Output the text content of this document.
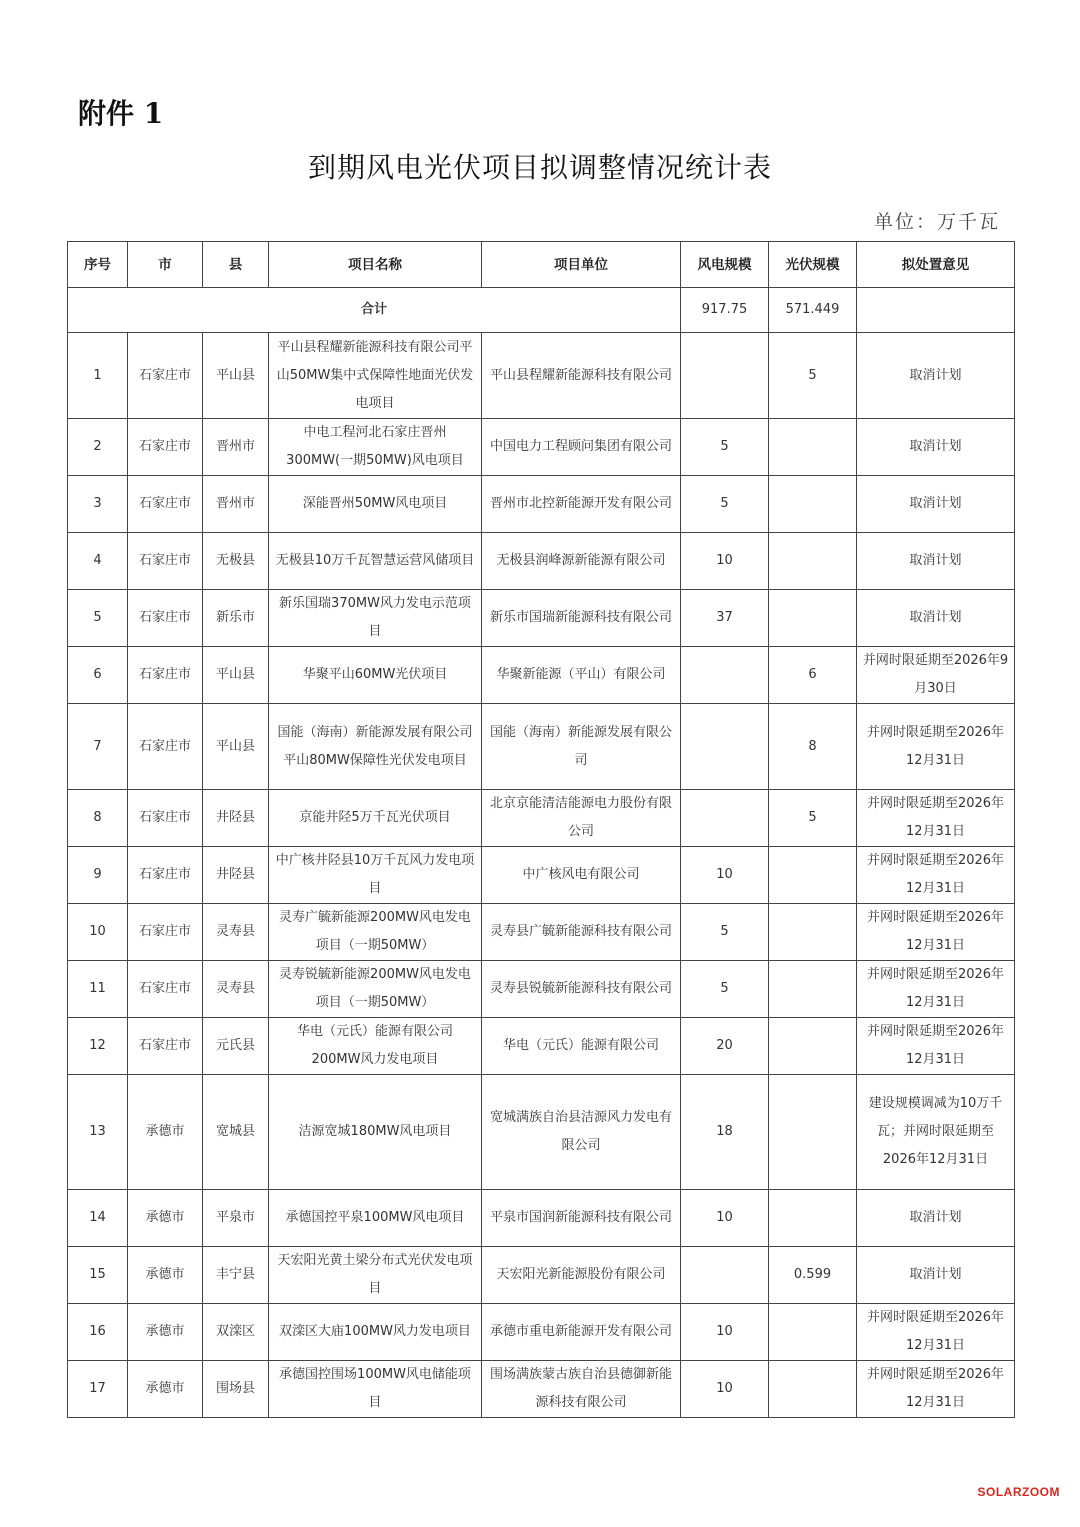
附件 1
到期风电光伏项目拟调整情况统计表
单位：万千瓦
序号	市	县	项目名称	项目单位	风电规模	光伏规模	拟处置意见
合计					917.75	571.449	
1	石家庄市	平山县	平山县程耀新能源科技有限公司平山50MW集中式保障性地面光伏发电项目	平山县程耀新能源科技有限公司		5	取消计划
2	石家庄市	晋州市	中电工程河北石家庄晋州300MW(一期50MW)风电项目	中国电力工程顾问集团有限公司	5		取消计划
3	石家庄市	晋州市	深能晋州50MW风电项目	晋州市北控新能源开发有限公司	5		取消计划
4	石家庄市	无极县	无极县10万千瓦智慧运营风储项目	无极县润峰源新能源有限公司	10		取消计划
5	石家庄市	新乐市	新乐国瑞370MW风力发电示范项目	新乐市国瑞新能源科技有限公司	37		取消计划
6	石家庄市	平山县	华聚平山60MW光伏项目	华聚新能源（平山）有限公司		6	并网时限延期至2026年9月30日
7	石家庄市	平山县	国能（海南）新能源发展有限公司平山80MW保障性光伏发电项目	国能（海南）新能源发展有限公司		8	并网时限延期至2026年12月31日
8	石家庄市	井陉县	京能井陉5万千瓦光伏项目	北京京能清洁能源电力股份有限公司		5	并网时限延期至2026年12月31日
9	石家庄市	井陉县	中广核井陉县10万千瓦风力发电项目	中广核风电有限公司	10		并网时限延期至2026年12月31日
10	石家庄市	灵寿县	灵寿广毓新能源200MW风电发电项目（一期50MW）	灵寿县广毓新能源科技有限公司	5		并网时限延期至2026年12月31日
11	石家庄市	灵寿县	灵寿锐毓新能源200MW风电发电项目（一期50MW）	灵寿县锐毓新能源科技有限公司	5		并网时限延期至2026年12月31日
12	石家庄市	元氏县	华电（元氏）能源有限公司200MW风力发电项目	华电（元氏）能源有限公司	20		并网时限延期至2026年12月31日
13	承德市	宽城县	洁源宽城180MW风电项目	宽城满族自治县洁源风力发电有限公司	18		建设规模调减为10万千瓦；并网时限延期至2026年12月31日
14	承德市	平泉市	承德国控平泉100MW风电项目	平泉市国润新能源科技有限公司	10		取消计划
15	承德市	丰宁县	天宏阳光黄土梁分布式光伏发电项目	天宏阳光新能源股份有限公司		0.599	取消计划
16	承德市	双滦区	双滦区大庙100MW风力发电项目	承德市重电新能源开发有限公司	10		并网时限延期至2026年12月31日
17	承德市	围场县	承德国控围场100MW风电储能项目	围场满族蒙古族自治县德御新能源科技有限公司	10		并网时限延期至2026年12月31日
SOLARZOOM
